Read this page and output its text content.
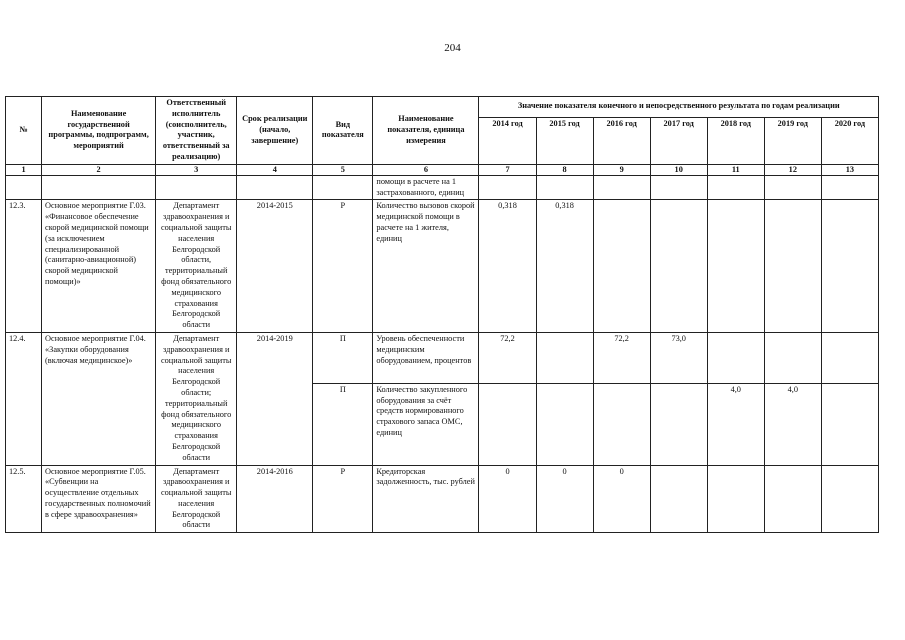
204
№	Наименование государственной программы, подпрограмм, мероприятий	Ответственный исполнитель (соисполнитель, участник, ответственный за реализацию)	Срок реализации (начало, завершение)	Вид показателя	Наименование показателя, единица измерения	Значение показателя конечного и непосредственного результата по годам реализации						
						2014 год	2015 год	2016 год	2017 год	2018 год	2019 год	2020 год
1	2	3	4	5	6	7	8	9	10	11	12	13
					помощи в расчете на 1 застрахованного, единиц							
12.3.	Основное мероприятие Г.03. «Финансовое обеспечение скорой медицинской помощи (за исключением специализированной (санитарно-авиационной) скорой медицинской помощи)»	Департамент здравоохранения и социальной защиты населения Белгородской области, территориальный фонд обязательного медицинского страхования Белгородской области	2014-2015	Р	Количество вызовов скорой медицинской помощи в расчете на 1 жителя, единиц	0,318	0,318					
12.4.	Основное мероприятие Г.04. «Закупки оборудования (включая медицинское)»	Департамент здравоохранения и социальной защиты населения Белгородской области; территориальный фонд обязательного медицинского страхования Белгородской области	2014-2019	П	Уровень обеспеченности медицинским оборудованием, процентов	72,2		72,2	73,0			
				П	Количество закупленного оборудования за счёт средств нормированного страхового запаса ОМС, единиц					4,0	4,0	
12.5.	Основное мероприятие Г.05. «Субвенции на осуществление отдельных государственных полномочий в сфере здравоохранения»	Департамент здравоохранения и социальной защиты населения Белгородской области	2014-2016	Р	Кредиторская задолженность, тыс. рублей	0	0	0				
